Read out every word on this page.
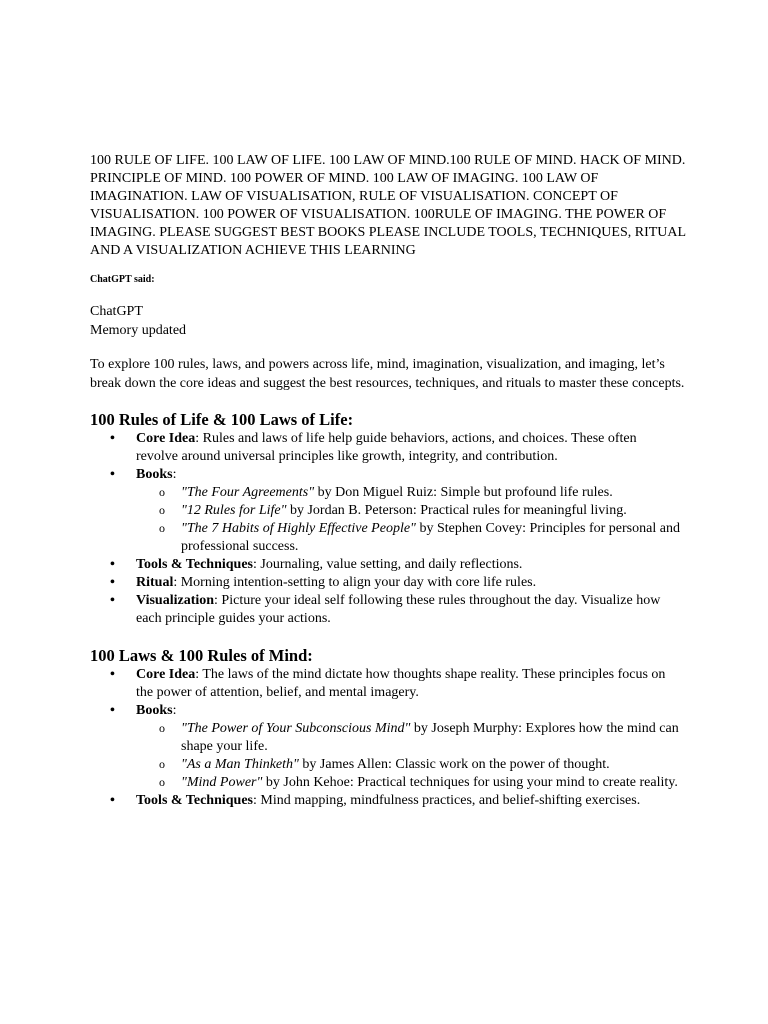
100 RULE OF LIFE. 100 LAW OF LIFE. 100 LAW OF MIND.100 RULE OF MIND. HACK OF MIND. PRINCIPLE OF MIND. 100 POWER OF MIND. 100 LAW OF IMAGING. 100 LAW OF IMAGINATION. LAW OF VISUALISATION, RULE OF VISUALISATION. CONCEPT OF VISUALISATION. 100 POWER OF VISUALISATION. 100RULE OF IMAGING. THE POWER OF IMAGING. PLEASE SUGGEST BEST BOOKS PLEASE INCLUDE TOOLS, TECHNIQUES, RITUAL AND A VISUALIZATION ACHIEVE THIS LEARNING

ChatGPT said:

ChatGPT
Memory updated

To explore 100 rules, laws, and powers across life, mind, imagination, visualization, and imaging, let’s break down the core ideas and suggest the best resources, techniques, and rituals to master these concepts.

100 Rules of Life & 100 Laws of Life:
• Core Idea: Rules and laws of life help guide behaviors, actions, and choices. These often revolve around universal principles like growth, integrity, and contribution.
• Books:
o "The Four Agreements" by Don Miguel Ruiz: Simple but profound life rules.
o "12 Rules for Life" by Jordan B. Peterson: Practical rules for meaningful living.
o "The 7 Habits of Highly Effective People" by Stephen Covey: Principles for personal and professional success.
• Tools & Techniques: Journaling, value setting, and daily reflections.
• Ritual: Morning intention-setting to align your day with core life rules.
• Visualization: Picture your ideal self following these rules throughout the day. Visualize how each principle guides your actions.
100 Laws & 100 Rules of Mind:
• Core Idea: The laws of the mind dictate how thoughts shape reality. These principles focus on the power of attention, belief, and mental imagery.
• Books:
o "The Power of Your Subconscious Mind" by Joseph Murphy: Explores how the mind can shape your life.
o "As a Man Thinketh" by James Allen: Classic work on the power of thought.
o "Mind Power" by John Kehoe: Practical techniques for using your mind to create reality.
• Tools & Techniques: Mind mapping, mindfulness practices, and belief-shifting exercises.
